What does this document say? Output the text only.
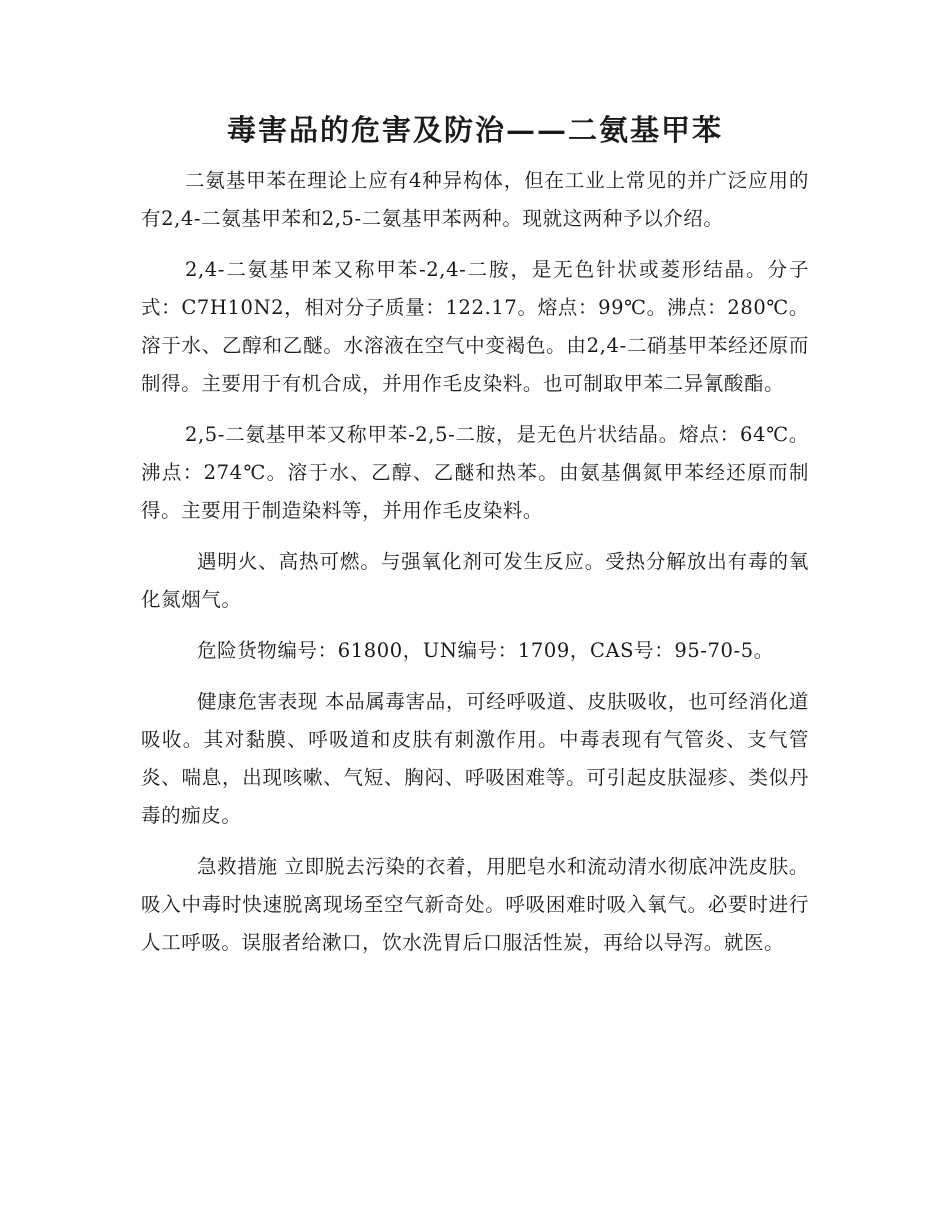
毒害品的危害及防治——二氨基甲苯

二氨基甲苯在理论上应有4种异构体，但在工业上常见的并广泛应用的有2,4-二氨基甲苯和2,5-二氨基甲苯两种。现就这两种予以介绍。

2,4-二氨基甲苯又称甲苯-2,4-二胺，是无色针状或菱形结晶。分子式：C7H10N2，相对分子质量：122.17。熔点：99℃。沸点：280℃。溶于水、乙醇和乙醚。水溶液在空气中变褐色。由2,4-二硝基甲苯经还原而制得。主要用于有机合成，并用作毛皮染料。也可制取甲苯二异氰酸酯。

2,5-二氨基甲苯又称甲苯-2,5-二胺，是无色片状结晶。熔点：64℃。沸点：274℃。溶于水、乙醇、乙醚和热苯。由氨基偶氮甲苯经还原而制得。主要用于制造染料等，并用作毛皮染料。

遇明火、高热可燃。与强氧化剂可发生反应。受热分解放出有毒的氧化氮烟气。

危险货物编号：61800，UN编号：1709，CAS号：95-70-5。

健康危害表现 本品属毒害品，可经呼吸道、皮肤吸收，也可经消化道吸收。其对黏膜、呼吸道和皮肤有刺激作用。中毒表现有气管炎、支气管炎、喘息，出现咳嗽、气短、胸闷、呼吸困难等。可引起皮肤湿疹、类似丹毒的痂皮。

急救措施 立即脱去污染的衣着，用肥皂水和流动清水彻底冲洗皮肤。吸入中毒时快速脱离现场至空气新奇处。呼吸困难时吸入氧气。必要时进行人工呼吸。误服者给漱口，饮水洗胃后口服活性炭，再给以导泻。就医。
